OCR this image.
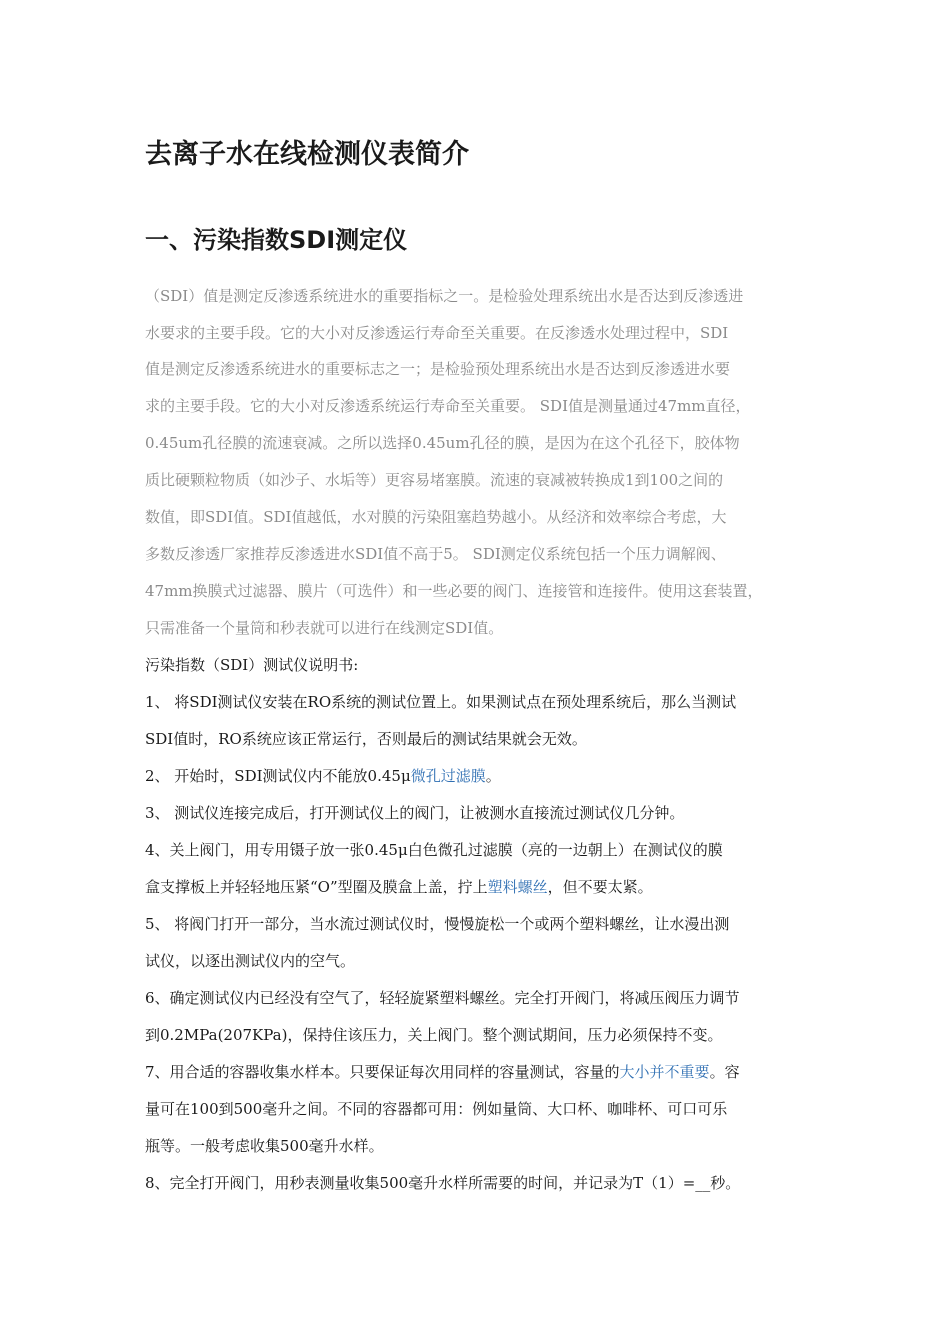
去离子水在线检测仪表简介
一、污染指数SDI测定仪
（SDI）值是测定反渗透系统进水的重要指标之一。是检验处理系统出水是否达到反渗透进
水要求的主要手段。它的大小对反渗透运行寿命至关重要。在反渗透水处理过程中，SDI
值是测定反渗透系统进水的重要标志之一；是检验预处理系统出水是否达到反渗透进水要
求的主要手段。它的大小对反渗透系统运行寿命至关重要。 SDI值是测量通过47mm直径，
0.45um孔径膜的流速衰减。之所以选择0.45um孔径的膜，是因为在这个孔径下，胶体物
质比硬颗粒物质（如沙子、水垢等）更容易堵塞膜。流速的衰减被转换成1到100之间的
数值，即SDI值。SDI值越低，水对膜的污染阻塞趋势越小。从经济和效率综合考虑，大
多数反渗透厂家推荐反渗透进水SDI值不高于5。 SDI测定仪系统包括一个压力调解阀、
47mm换膜式过滤器、膜片（可选件）和一些必要的阀门、连接管和连接件。使用这套装置，
只需准备一个量筒和秒表就可以进行在线测定SDI值。
污染指数（SDI）测试仪说明书:
1、 将SDI测试仪安装在RO系统的测试位置上。如果测试点在预处理系统后，那么当测试
SDI值时，RO系统应该正常运行，否则最后的测试结果就会无效。
2、 开始时，SDI测试仪内不能放0.45μ微孔过滤膜。
3、 测试仪连接完成后，打开测试仪上的阀门，让被测水直接流过测试仪几分钟。
4、关上阀门，用专用镊子放一张0.45μ白色微孔过滤膜（亮的一边朝上）在测试仪的膜
盒支撑板上并轻轻地压紧“O”型圈及膜盒上盖，拧上塑料螺丝，但不要太紧。
5、 将阀门打开一部分，当水流过测试仪时，慢慢旋松一个或两个塑料螺丝，让水漫出测
试仪，以逐出测试仪内的空气。
6、确定测试仪内已经没有空气了，轻轻旋紧塑料螺丝。完全打开阀门，将减压阀压力调节
到0.2MPa(207KPa)，保持住该压力，关上阀门。整个测试期间，压力必须保持不变。
7、用合适的容器收集水样本。只要保证每次用同样的容量测试，容量的大小并不重要。容
量可在100到500毫升之间。不同的容器都可用：例如量筒、大口杯、咖啡杯、可口可乐
瓶等。一般考虑收集500毫升水样。
8、完全打开阀门，用秒表测量收集500毫升水样所需要的时间，并记录为T（1）=__秒。
